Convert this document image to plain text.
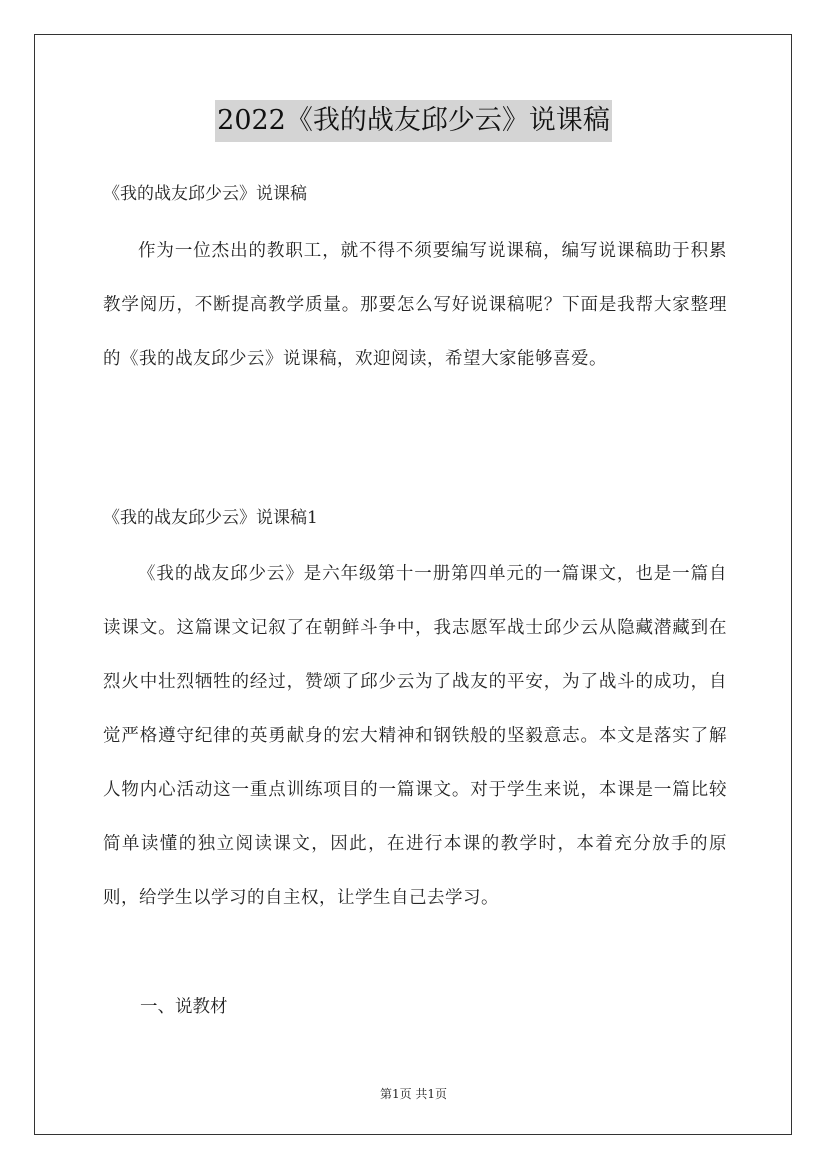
2022《我的战友邱少云》说课稿
《我的战友邱少云》说课稿

作为一位杰出的教职工，就不得不须要编写说课稿，编写说课稿助于积累教学阅历，不断提高教学质量。那要怎么写好说课稿呢？下面是我帮大家整理的《我的战友邱少云》说课稿，欢迎阅读，希望大家能够喜爱。

《我的战友邱少云》说课稿1

《我的战友邱少云》是六年级第十一册第四单元的一篇课文，也是一篇自读课文。这篇课文记叙了在朝鲜斗争中，我志愿军战士邱少云从隐藏潜藏到在烈火中壮烈牺牲的经过，赞颂了邱少云为了战友的平安，为了战斗的成功，自觉严格遵守纪律的英勇献身的宏大精神和钢铁般的坚毅意志。本文是落实了解人物内心活动这一重点训练项目的一篇课文。对于学生来说，本课是一篇比较简单读懂的独立阅读课文，因此，在进行本课的教学时，本着充分放手的原则，给学生以学习的自主权，让学生自己去学习。

一、说教材
第1页 共1页
